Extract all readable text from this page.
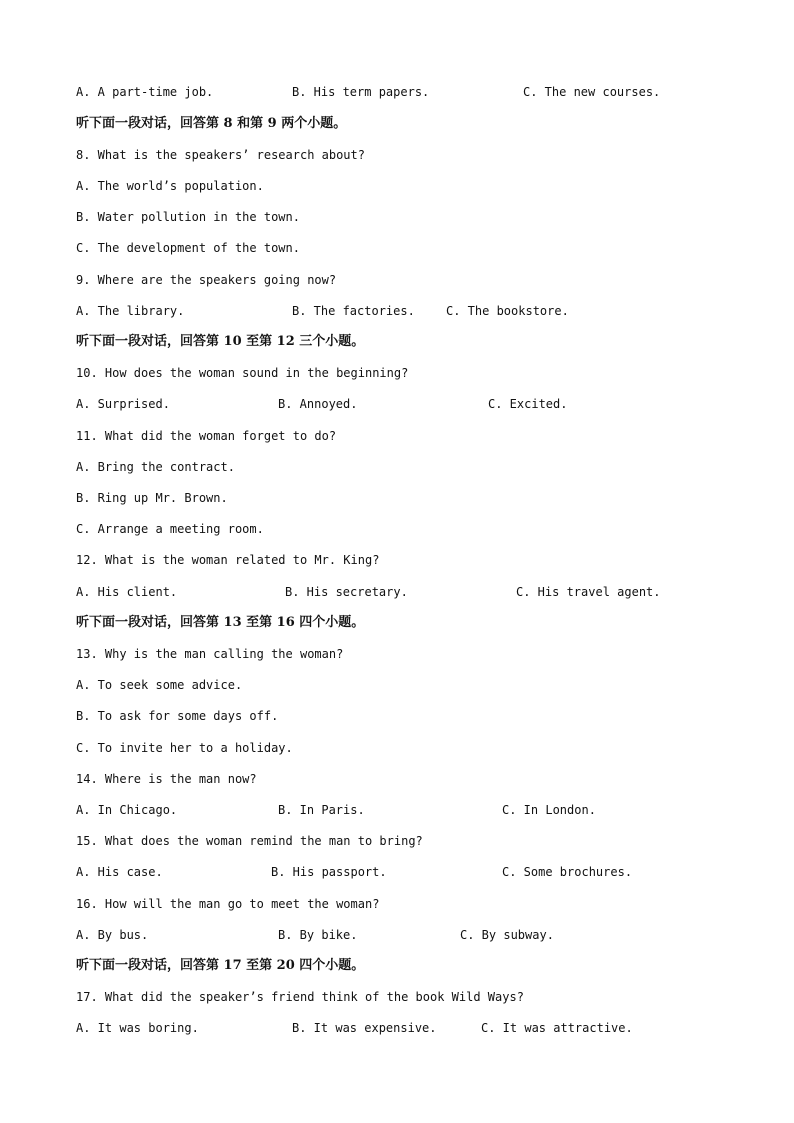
A. A part-time job.	B. His term papers.	C. The new courses.
听下面一段对话，回答第 8 和第 9 两个小题。
8. What is the speakers’ research about?
A. The world’s population.
B. Water pollution in the town.
C. The development of the town.
9. Where are the speakers going now?
A. The library.	B. The factories.	C. The bookstore.
听下面一段对话，回答第 10 至第 12 三个小题。
10. How does the woman sound in the beginning?
A. Surprised.	B. Annoyed.	C. Excited.
11. What did the woman forget to do?
A. Bring the contract.
B. Ring up Mr. Brown.
C. Arrange a meeting room.
12. What is the woman related to Mr. King?
A. His client.	B. His secretary.	C. His travel agent.
听下面一段对话，回答第 13 至第 16 四个小题。
13. Why is the man calling the woman?
A. To seek some advice.
B. To ask for some days off.
C. To invite her to a holiday.
14. Where is the man now?
A. In Chicago.	B. In Paris.	C. In London.
15. What does the woman remind the man to bring?
A. His case.	B. His passport.	C. Some brochures.
16. How will the man go to meet the woman?
A. By bus.	B. By bike.	C. By subway.
听下面一段对话，回答第 17 至第 20 四个小题。
17. What did the speaker’s friend think of the book Wild Ways?
A. It was boring.	B. It was expensive.	C. It was attractive.
